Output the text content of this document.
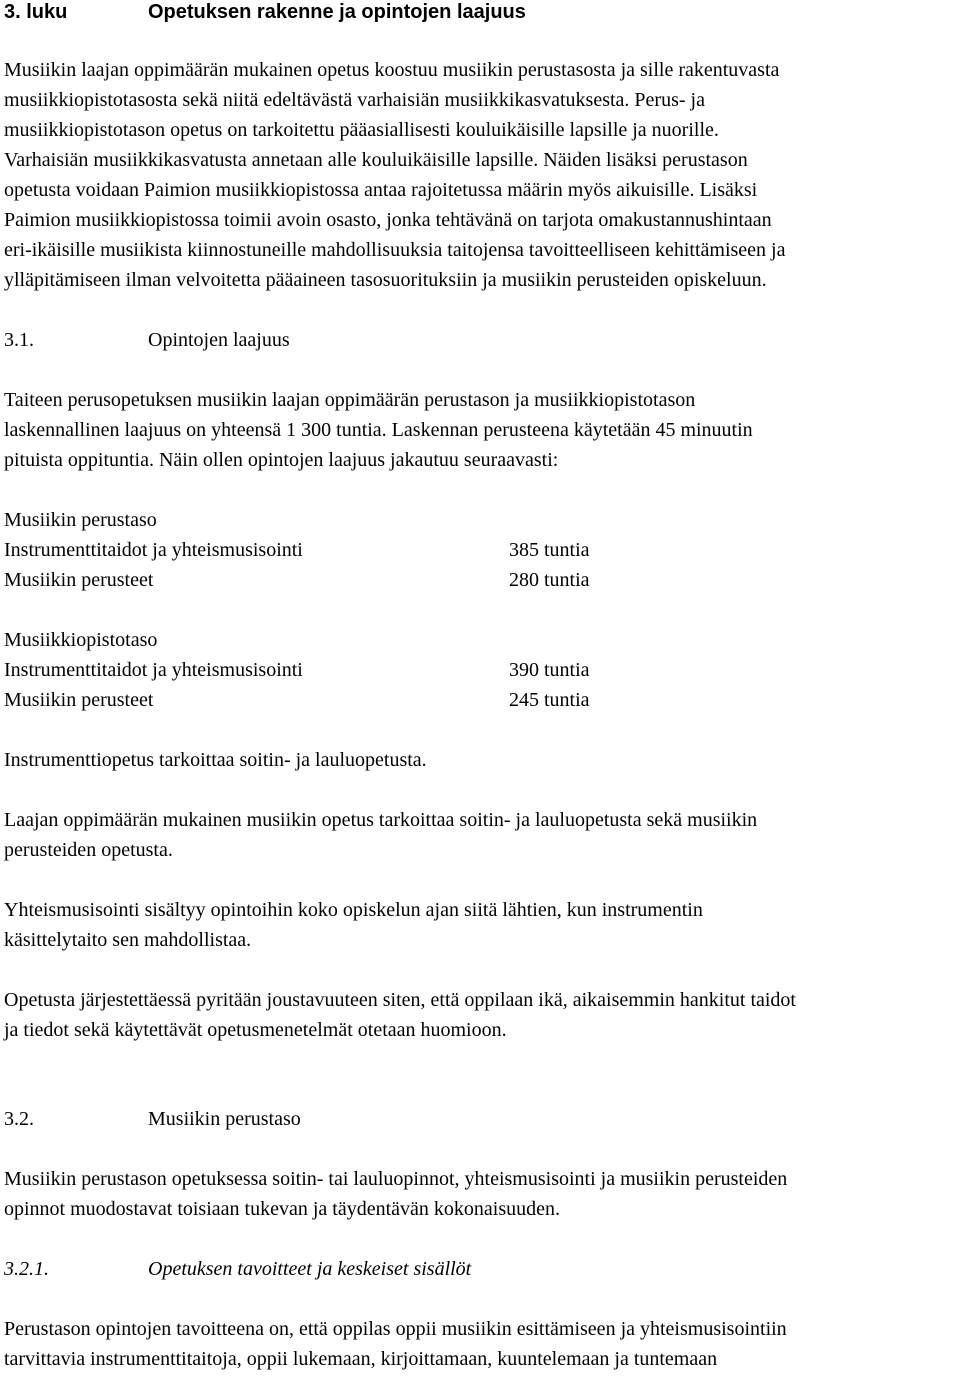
3. luku	Opetuksen rakenne ja opintojen laajuus

Musiikin laajan oppimäärän mukainen opetus koostuu musiikin perustasosta ja sille rakentuvasta
musiikkiopistotasosta sekä niitä edeltävästä varhaisiän musiikkikasvatuksesta. Perus- ja
musiikkiopistotason opetus on tarkoitettu pääasiallisesti kouluikäisille lapsille ja nuorille.
Varhaisiän musiikkikasvatusta annetaan alle kouluikäisille lapsille. Näiden lisäksi perustason
opetusta voidaan Paimion musiikkiopistossa antaa rajoitetussa määrin myös aikuisille. Lisäksi
Paimion musiikkiopistossa toimii avoin osasto, jonka tehtävänä on tarjota omakustannushintaan
eri-ikäisille musiikista kiinnostuneille mahdollisuuksia taitojensa tavoitteelliseen kehittämiseen ja
ylläpitämiseen ilman velvoitetta pääaineen tasosuorituksiin ja musiikin perusteiden opiskeluun.

3.1.	Opintojen laajuus

Taiteen perusopetuksen musiikin laajan oppimäärän perustason ja musiikkiopistotason
laskennallinen laajuus on yhteensä 1 300 tuntia. Laskennan perusteena käytetään 45 minuutin
pituista oppituntia. Näin ollen opintojen laajuus jakautuu seuraavasti:

Musiikin perustaso
Instrumenttitaidot ja yhteismusisointi	385 tuntia
Musiikin perusteet	280 tuntia
Musiikkiopistotaso
Instrumenttitaidot ja yhteismusisointi	390 tuntia
Musiikin perusteet	245 tuntia

Instrumenttiopetus tarkoittaa soitin- ja lauluopetusta.

Laajan oppimäärän mukainen musiikin opetus tarkoittaa soitin- ja lauluopetusta sekä musiikin
perusteiden opetusta.

Yhteismusisointi sisältyy opintoihin koko opiskelun ajan siitä lähtien, kun instrumentin
käsittelytaito sen mahdollistaa.

Opetusta järjestettäessä pyritään joustavuuteen siten, että oppilaan ikä, aikaisemmin hankitut taidot
ja tiedot sekä käytettävät opetusmenetelmät otetaan huomioon.

3.2.	Musiikin perustaso

Musiikin perustason opetuksessa soitin- tai lauluopinnot, yhteismusisointi ja musiikin perusteiden
opinnot muodostavat toisiaan tukevan ja täydentävän kokonaisuuden.

3.2.1.	Opetuksen tavoitteet ja keskeiset sisällöt

Perustason opintojen tavoitteena on, että oppilas oppii musiikin esittämiseen ja yhteismusisointiin
tarvittavia instrumenttitaitoja, oppii lukemaan, kirjoittamaan, kuuntelemaan ja tuntemaan
